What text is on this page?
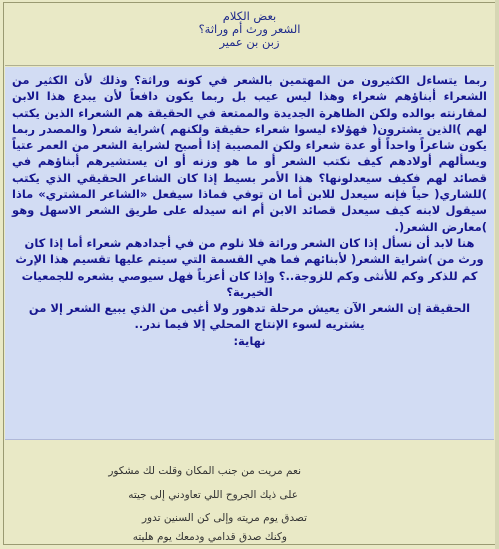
بعض الكلام
الشعر ورث أم وراثة؟
زبن بن عمير

ربما يتساءل الكثيرون من المهتمين بالشعر في كونه وراثة؟ وذلك لأن الكثير من الشعراء أبناؤهم شعراء وهذا ليس عيب بل ربما يكون دافعاً لأن يبدع هذا الابن لمقارنته بوالده ولكن الظاهرة الجديدة والممتعة في الحقيقة هم الشعراء الذين يكتب لهم )الذين يشترون( فهؤلاء ليسوا شعراء حقيقة ولكنهم )شراية شعر( والمصدر ربما يكون شاعراً واحداً أو عدة شعراء ولكن المصيبة إذا أصبح لشراية الشعر من العمر عتياً ويسألهم أولادهم كيف نكتب الشعر أو ما هو وزنه أو ان يستشيرهم أبناؤهم في قصائد لهم فكيف سيعدلونها؟ هذا الأمر بسيط إذا كان الشاعر الحقيقي الذي يكتب )للشاري( حياً فإنه سيعدل للابن أما ان توفي فماذا سيفعل «الشاعر المشتري» ماذا سيقول لابنه كيف سيعدل قصائد الابن أم انه سيدله على طريق الشعر الاسهل وهو )معارض الشعر(.

هنا لابد أن نسأل إذا كان الشعر وراثة فلا نلوم من في أجدادهم شعراء أما إذا كان ورث من )شراية الشعر( لأبنائهم فما هي القسمة التي سيتم عليها تقسيم هذا الإرث كم للذكر وكم للأنثى وكم للزوجة..؟ وإذا كان أعزباً فهل سيوصي بشعره للجمعيات الخيرية؟

الحقيقة إن الشعر الآن يعيش مرحلة تدهور ولا أغبى من الذي يبيع الشعر إلا من يشتريه لسوء الإنتاج المحلي إلا فيما ندر..

نهاية:

نعم مريت من جنب المكان وقلت لك مشكور
على ذيك الجروح اللي تعاودني إلى جيته
تصدق يوم مريته وإلى كن السنين تدور
وكنك صدق قدامي ودمعك يوم هليته
